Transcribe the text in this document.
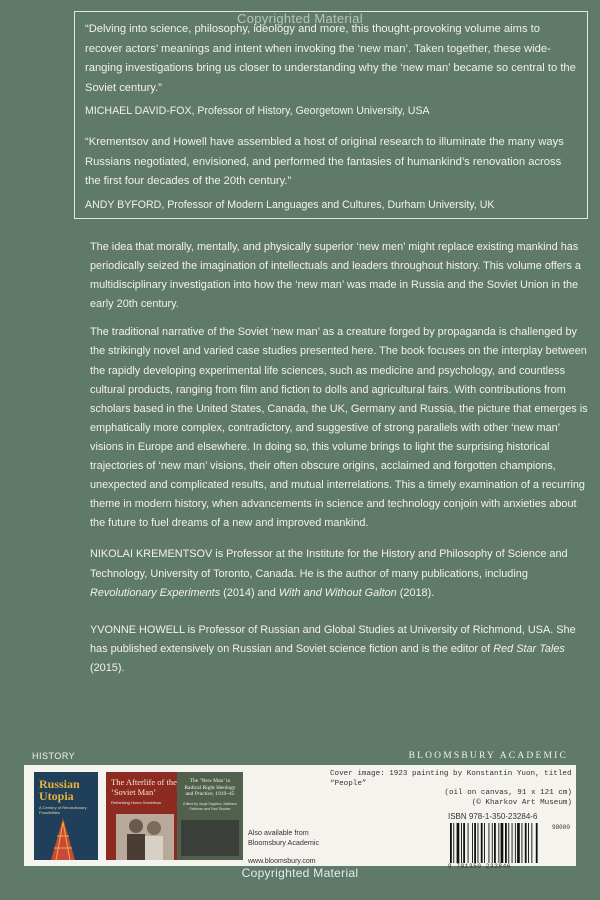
Copyrighted Material

“Delving into science, philosophy, ideology and more, this thought-provoking volume aims to recover actors’ meanings and intent when invoking the ‘new man’. Taken together, these wide-ranging investigations bring us closer to understanding why the ‘new man’ became so central to the Soviet century.”

MICHAEL DAVID-FOX, Professor of History, Georgetown University, USA

“Krementsov and Howell have assembled a host of original research to illuminate the many ways Russians negotiated, envisioned, and performed the fantasies of humankind’s renovation across the first four decades of the 20th century.”

ANDY BYFORD, Professor of Modern Languages and Cultures, Durham University, UK

The idea that morally, mentally, and physically superior ‘new men’ might replace existing mankind has periodically seized the imagination of intellectuals and leaders throughout history. This volume offers a multidisciplinary investigation into how the ‘new man’ was made in Russia and the Soviet Union in the early 20th century.

The traditional narrative of the Soviet ‘new man’ as a creature forged by propaganda is challenged by the strikingly novel and varied case studies presented here. The book focuses on the interplay between the rapidly developing experimental life sciences, such as medicine and psychology, and countless cultural products, ranging from film and fiction to dolls and agricultural fairs. With contributions from scholars based in the United States, Canada, the UK, Germany and Russia, the picture that emerges is emphatically more complex, contradictory, and suggestive of strong parallels with other ‘new man’ visions in Europe and elsewhere. In doing so, this volume brings to light the surprising historical trajectories of ‘new man’ visions, their often obscure origins, acclaimed and forgotten champions, unexpected and complicated results, and mutual interrelations. This a timely examination of a recurring theme in modern history, when advancements in science and technology conjoin with anxieties about the future to fuel dreams of a new and improved mankind.

NIKOLAI KREMENTSOV is Professor at the Institute for the History and Philosophy of Science and Technology, University of Toronto, Canada. He is the author of many publications, including Revolutionary Experiments (2014) and With and Without Galton (2018).

YVONNE HOWELL is Professor of Russian and Global Studies at University of Richmond, USA. She has published extensively on Russian and Soviet science fiction and is the editor of Red Star Tales (2015).

HISTORY	BLOOMSBURY ACADEMIC
Russian Utopia
A Century of Revolutionary Possibilities
The Afterlife of the ‘Soviet Man’
Rethinking Homo Sovieticus
The ‘New Man’ in Radical Right Ideology and Practice, 1919–45
Edited by Jorge Dagnino, Matthew Feldman and Paul Stocker
Also available from Bloomsbury Academic
www.bloomsbury.com
Cover image: 1923 painting by Konstantin Yuon, titled “People”
(oil on canvas, 91 x 121 cm)
(© Kharkov Art Museum)
ISBN 978-1-350-23284-6
98000
9 781350 232846
Copyrighted Material
